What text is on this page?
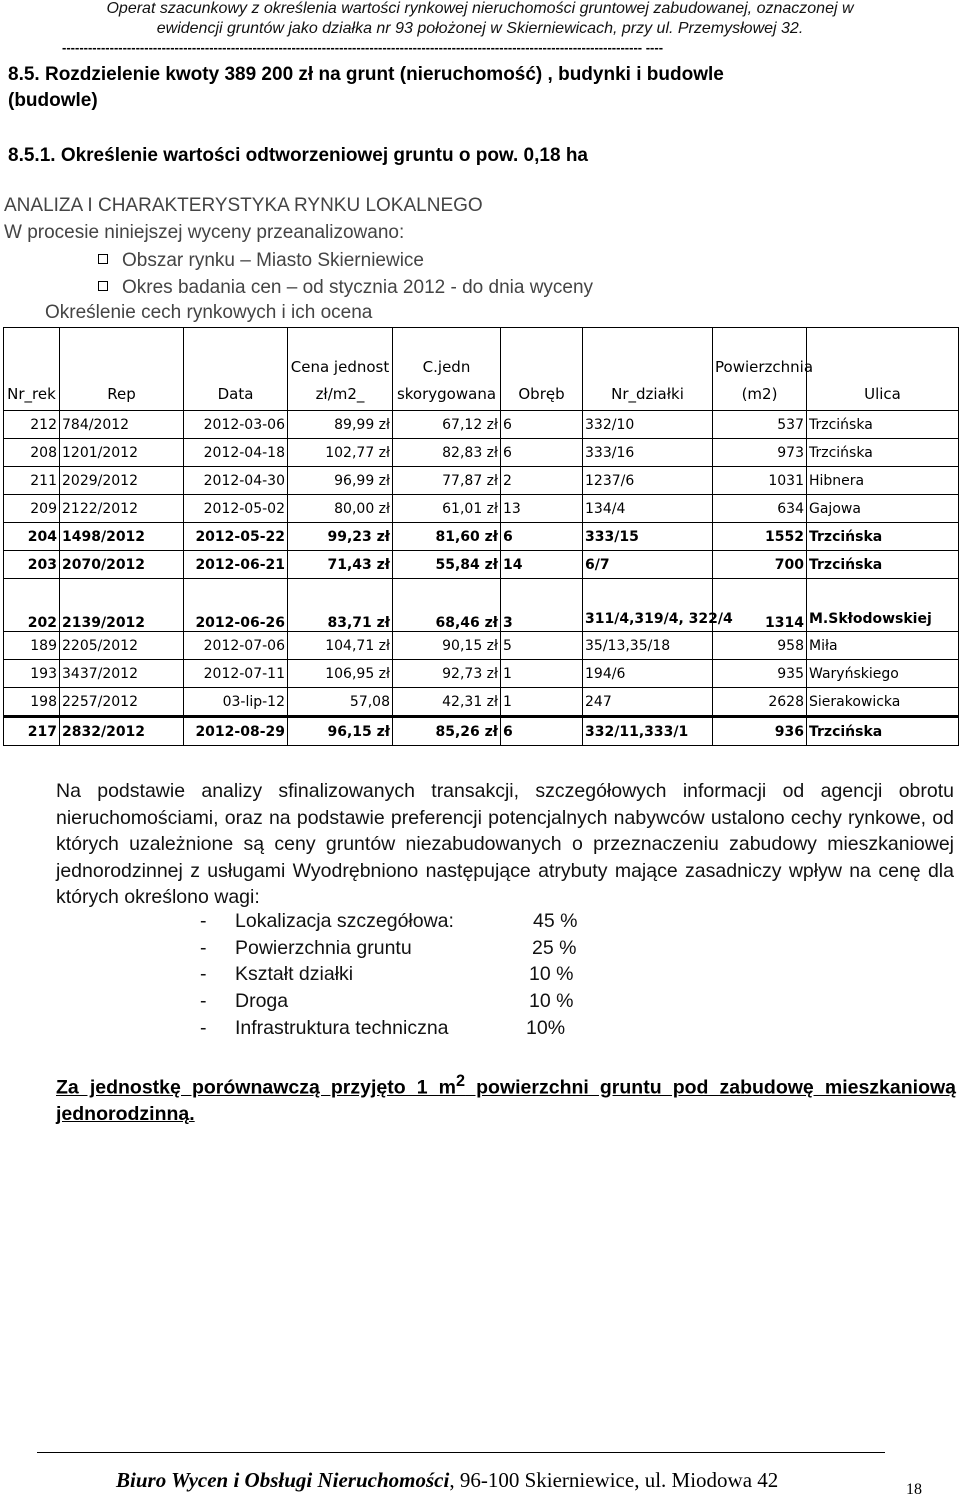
Operat szacunkowy z określenia wartości rynkowej nieruchomości gruntowej zabudowanej, oznaczonej w
ewidencji gruntów jako działka nr 93 położonej w Skierniewicach, przy ul. Przemysłowej 32.
-------------------------------------------------------------------------------------------------------------------------------------- ----
8.5. Rozdzielenie kwoty 389 200 zł na grunt (nieruchomość) , budynki i budowle
(budowle)
8.5.1. Określenie wartości odtworzeniowej gruntu o pow. 0,18 ha
ANALIZA I CHARAKTERYSTYKA RYNKU LOKALNEGO
W procesie niniejszej wyceny przeanalizowano:
Obszar rynku – Miasto Skierniewice
Okres badania cen – od stycznia 2012 - do dnia wyceny
Określenie cech rynkowych i ich ocena
Nr_rek	Rep	Data	Cena jednost zł/m2_	C.jedn skorygowana	Obręb	Nr_działki	Powierzchnia (m2)	Ulica
212	784/2012	2012-03-06	89,99 zł	67,12 zł	6	332/10	537	Trzcińska
208	1201/2012	2012-04-18	102,77 zł	82,83 zł	6	333/16	973	Trzcińska
211	2029/2012	2012-04-30	96,99 zł	77,87 zł	2	1237/6	1031	Hibnera
209	2122/2012	2012-05-02	80,00 zł	61,01 zł	13	134/4	634	Gajowa
204	1498/2012	2012-05-22	99,23 zł	81,60 zł	6	333/15	1552	Trzcińska
203	2070/2012	2012-06-21	71,43 zł	55,84 zł	14	6/7	700	Trzcińska
202	2139/2012	2012-06-26	83,71 zł	68,46 zł	3	311/4,319/4, 322/4	1314	M.Skłodowskiej
189	2205/2012	2012-07-06	104,71 zł	90,15 zł	5	35/13,35/18	958	Miła
193	3437/2012	2012-07-11	106,95 zł	92,73 zł	1	194/6	935	Waryńskiego
198	2257/2012	03-lip-12	57,08	42,31 zł	1	247	2628	Sierakowicka
217	2832/2012	2012-08-29	96,15 zł	85,26 zł	6	332/11,333/1	936	Trzcińska
Na podstawie analizy sfinalizowanych transakcji, szczegółowych informacji od agencji obrotu nieruchomościami, oraz na podstawie preferencji potencjalnych nabywców ustalono cechy rynkowe, od których uzależnione są ceny gruntów niezabudowanych o przeznaczeniu zabudowy mieszkaniowej jednorodzinnej z usługami Wyodrębniono następujące atrybuty mające zasadniczy wpływ na cenę dla których określono wagi:
- Lokalizacja szczegółowa:	45 %
- Powierzchnia gruntu	25 %
- Kształt działki	10 %
- Droga	10 %
- Infrastruktura techniczna	10%
Za jednostkę porównawczą przyjęto 1 $m^2$ powierzchni gruntu pod zabudowę mieszkaniową jednorodzinną.
Biuro Wycen i Obsługi Nieruchomości, 96-100 Skierniewice, ul. Miodowa 42	18
